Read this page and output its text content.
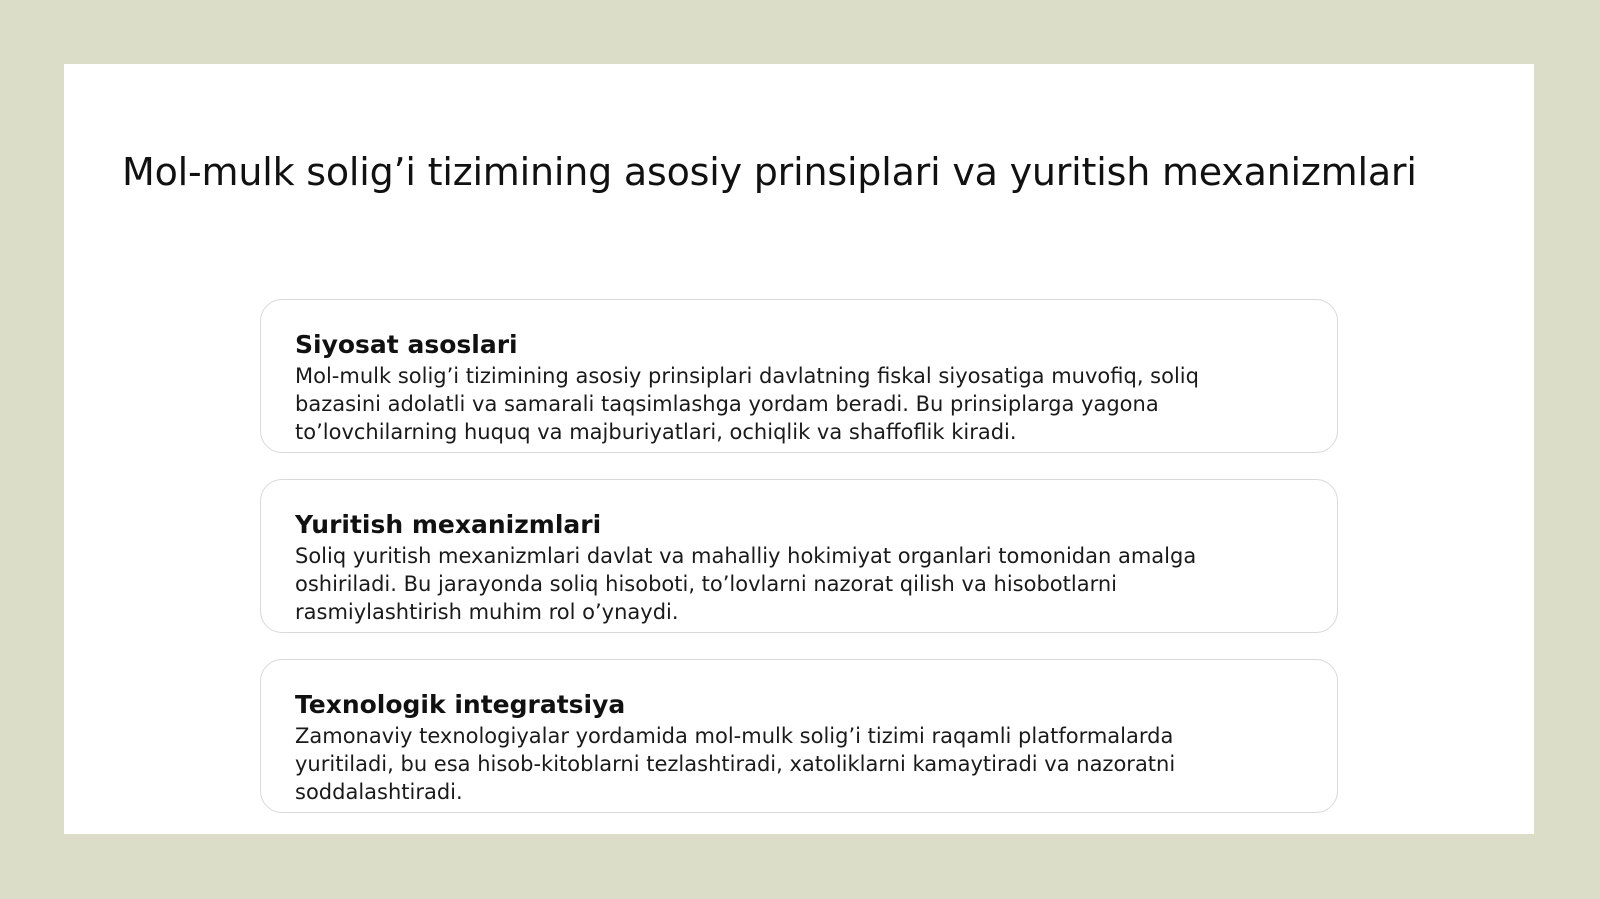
Mol-mulk solig’i tizimining asosiy prinsiplari va yuritish mexanizmlari
Siyosat asoslari

Mol-mulk solig’i tizimining asosiy prinsiplari davlatning fiskal siyosatiga muvofiq, soliq bazasini adolatli va samarali taqsimlashga yordam beradi. Bu prinsiplarga yagona to’lovchilarning huquq va majburiyatlari, ochiqlik va shaffoflik kiradi.

Yuritish mexanizmlari

Soliq yuritish mexanizmlari davlat va mahalliy hokimiyat organlari tomonidan amalga oshiriladi. Bu jarayonda soliq hisoboti, to’lovlarni nazorat qilish va hisobotlarni rasmiylashtirish muhim rol o’ynaydi.

Texnologik integratsiya

Zamonaviy texnologiyalar yordamida mol-mulk solig’i tizimi raqamli platformalarda yuritiladi, bu esa hisob-kitoblarni tezlashtiradi, xatoliklarni kamaytiradi va nazoratni soddalashtiradi.
